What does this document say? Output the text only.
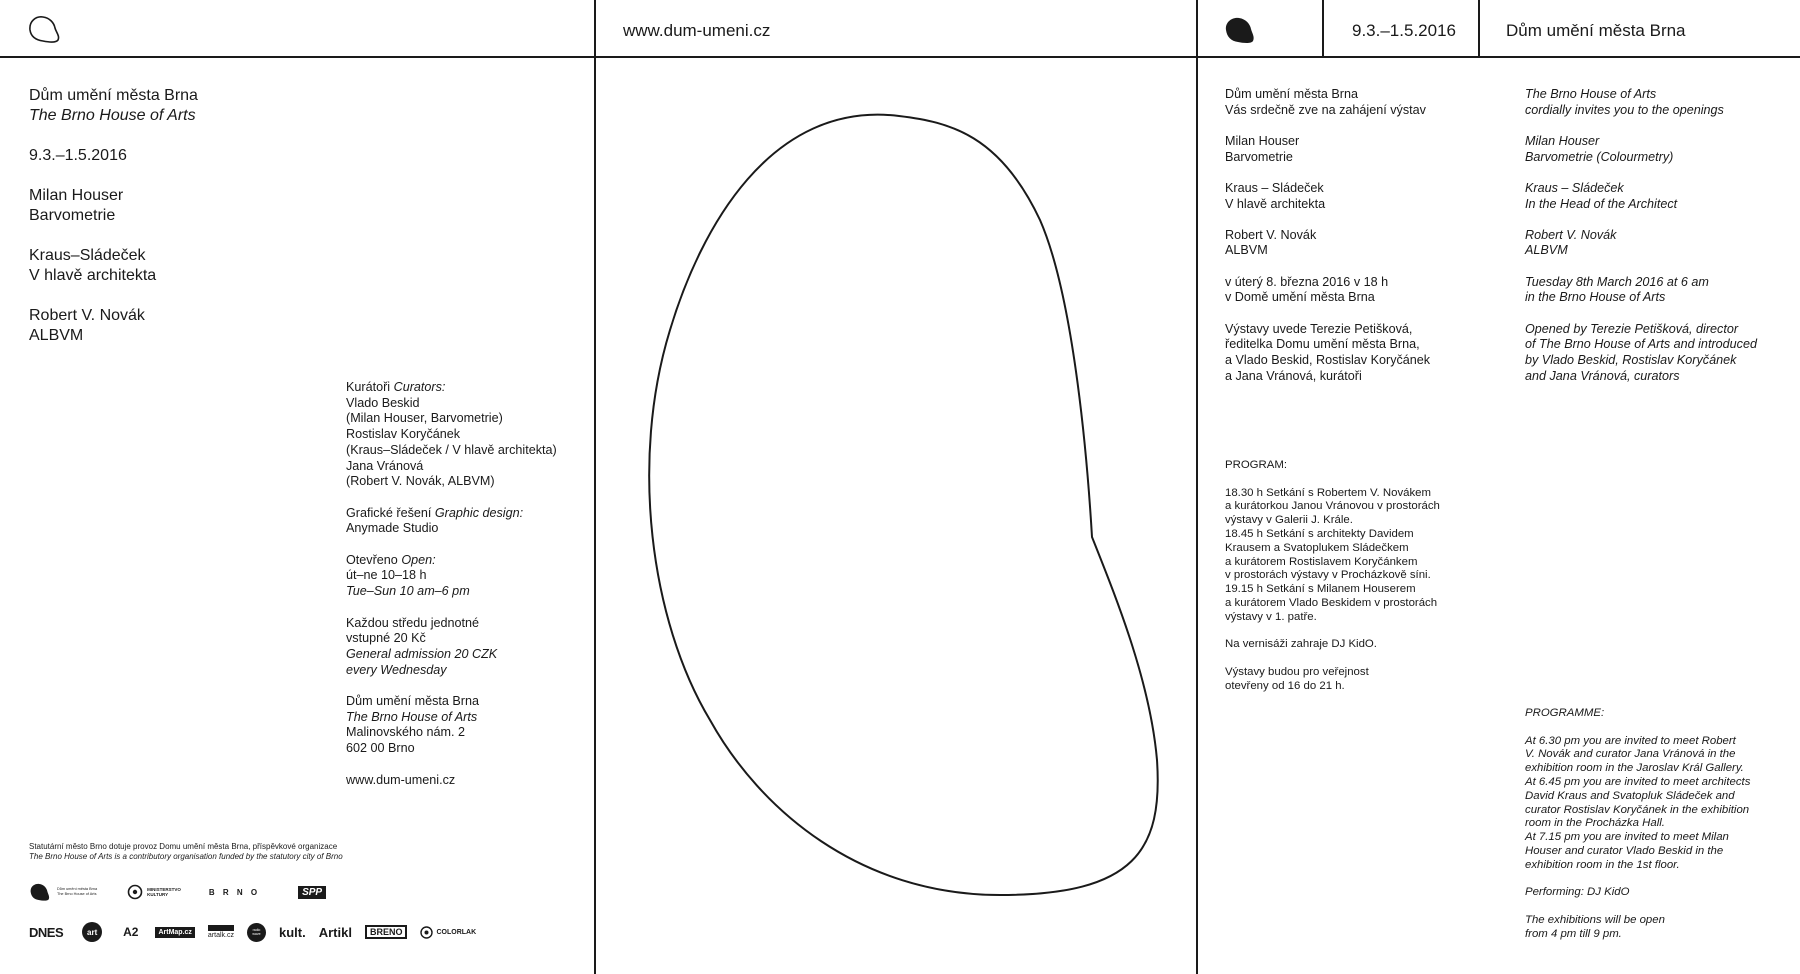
www.dum-umeni.cz	9.3.–1.5.2016	Dům umění města Brna
Dům umění města Brna
The Brno House of Arts
9.3.–1.5.2016
Milan Houser
Barvometrie
Kraus–Sládeček
V hlavě architekta
Robert V. Novák
ALBVM
Kurátoři Curators:
Vlado Beskid
(Milan Houser, Barvometrie)
Rostislav Koryčánek
(Kraus–Sládeček / V hlavě architekta)
Jana Vránová
(Robert V. Novák, ALBVM)
Grafické řešení Graphic design:
Anymade Studio
Otevřeno Open:
út–ne 10–18 h
Tue–Sun 10 am–6 pm
Každou středu jednotné
vstupné 20 Kč
General admission 20 CZK
every Wednesday
Dům umění města Brna
The Brno House of Arts
Malinovského nám. 2
602 00 Brno
www.dum-umeni.cz
Statutární město Brno dotuje provoz Domu umění města Brna, příspěvkové organizace
The Brno House of Arts is a contributory organisation funded by the statutory city of Brno
Dům umění města Brna
The Brno House of Arts
MINISTERSTVO
KULTURY	B R N O	SPP
DNES	art A2	ArtMap.cz	artalk.cz
radio wave kult. Artikl	BRENO	COLORLAK
Dům umění města Brna
Vás srdečně zve na zahájení výstav
Milan Houser
Barvometrie
Kraus – Sládeček
V hlavě architekta
Robert V. Novák
ALBVM
v úterý 8. března 2016 v 18 h
v Domě umění města Brna
Výstavy uvede Terezie Petišková,
ředitelka Domu umění města Brna,
a Vlado Beskid, Rostislav Koryčánek
a Jana Vránová, kurátoři
PROGRAM:
18.30 h Setkání s Robertem V. Novákem
a kurátorkou Janou Vránovou v prostorách
výstavy v Galerii J. Krále.
18.45 h Setkání s architekty Davidem
Krausem a Svatoplukem Sládečkem
a kurátorem Rostislavem Koryčánkem
v prostorách výstavy v Procházkově síni.
19.15 h Setkání s Milanem Houserem
a kurátorem Vlado Beskidem v prostorách
výstavy v 1. patře.
Na vernisáži zahraje DJ KidO.
Výstavy budou pro veřejnost
otevřeny od 16 do 21 h.
The Brno House of Arts
cordially invites you to the openings
Milan Houser
Barvometrie (Colourmetry)
Kraus – Sládeček
In the Head of the Architect
Robert V. Novák
ALBVM
Tuesday 8th March 2016 at 6 am
in the Brno House of Arts
Opened by Terezie Petišková, director
of The Brno House of Arts and introduced
by Vlado Beskid, Rostislav Koryčánek
and Jana Vránová, curators
PROGRAMME:
At 6.30 pm you are invited to meet Robert
V. Novák and curator Jana Vránová in the
exhibition room in the Jaroslav Král Gallery.
At 6.45 pm you are invited to meet architects
David Kraus and Svatopluk Sládeček and
curator Rostislav Koryčánek in the exhibition
room in the Procházka Hall.
At 7.15 pm you are invited to meet Milan
Houser and curator Vlado Beskid in the
exhibition room in the 1st floor.
Performing: DJ KidO
The exhibitions will be open
from 4 pm till 9 pm.
